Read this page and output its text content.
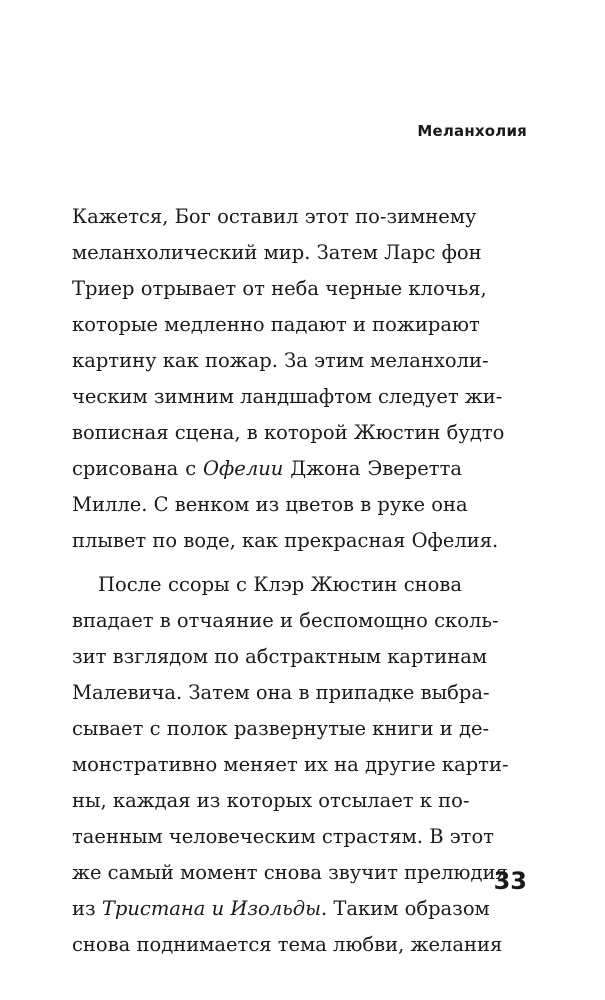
Меланхолия
Кажется, Бог оставил этот по-зимнему
меланхолический мир. Затем Ларс фон
Триер отрывает от неба черные клочья,
которые медленно падают и пожирают
картину как пожар. За этим меланхоли-
ческим зимним ландшафтом следует жи-
вописная сцена, в которой Жюстин будто
срисована с Офелии Джона Эверетта
Милле. С венком из цветов в руке она
плывет по воде, как прекрасная Офелия.
После ссоры с Клэр Жюстин снова
впадает в отчаяние и беспомощно сколь-
зит взглядом по абстрактным картинам
Малевича. Затем она в припадке выбра-
сывает с полок развернутые книги и де-
монстративно меняет их на другие карти-
ны, каждая из которых отсылает к по-
таенным человеческим страстям. В этот
же самый момент снова звучит прелюдия
из Тристана и Изольды. Таким образом
снова поднимается тема любви, желания
33
